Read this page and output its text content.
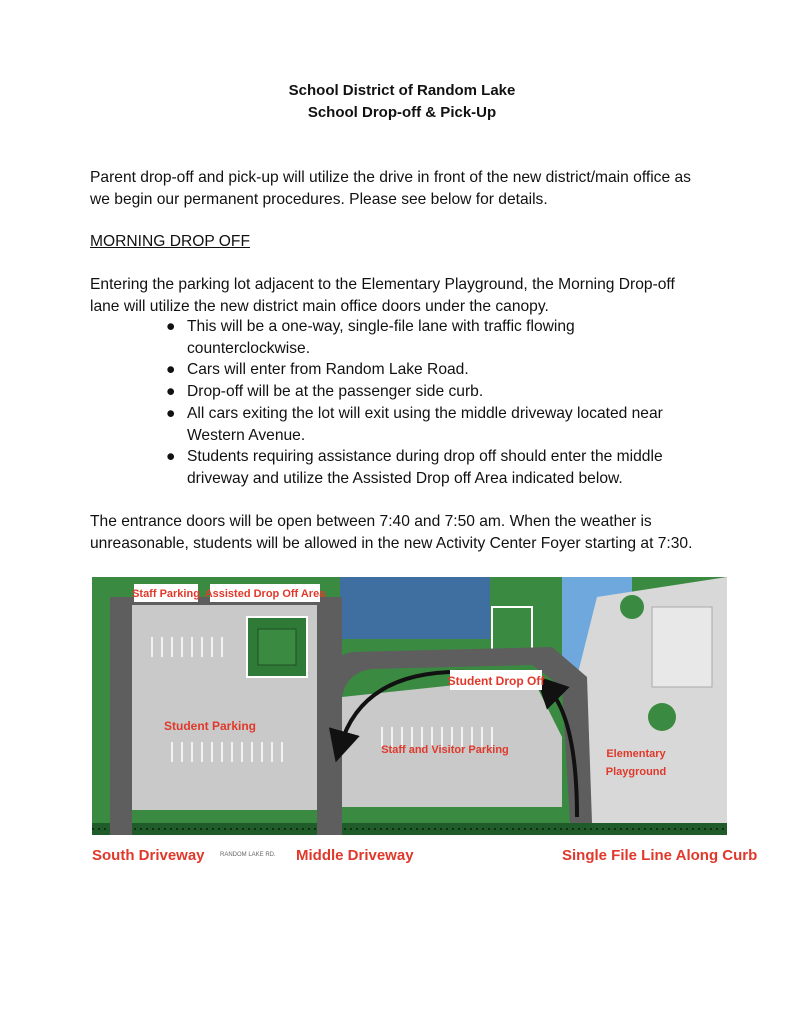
School District of Random Lake
School Drop-off & Pick-Up
Parent drop-off and pick-up will utilize the drive in front of the new district/main office as
we begin our permanent procedures. Please see below for details.
MORNING DROP OFF
Entering the parking lot adjacent to the Elementary Playground, the Morning Drop-off
lane will utilize the new district main office doors under the canopy.
● This will be a one-way, single-file lane with traffic flowing
counterclockwise.
● Cars will enter from Random Lake Road.
● Drop-off will be at the passenger side curb.
● All cars exiting the lot will exit using the middle driveway located near
Western Avenue.
● Students requiring assistance during drop off should enter the middle
driveway and utilize the Assisted Drop off Area indicated below.
The entrance doors will be open between 7:40 and 7:50 am. When the weather is
unreasonable, students will be allowed in the new Activity Center Foyer starting at 7:30.
Staff Parking Assisted Drop Off Area
Student Drop Off
Student Parking
Staff and Visitor Parking	Elementary
Playground
South Driveway	RANDOM LAKE RD. Middle Driveway	Single File Line Along Curb
